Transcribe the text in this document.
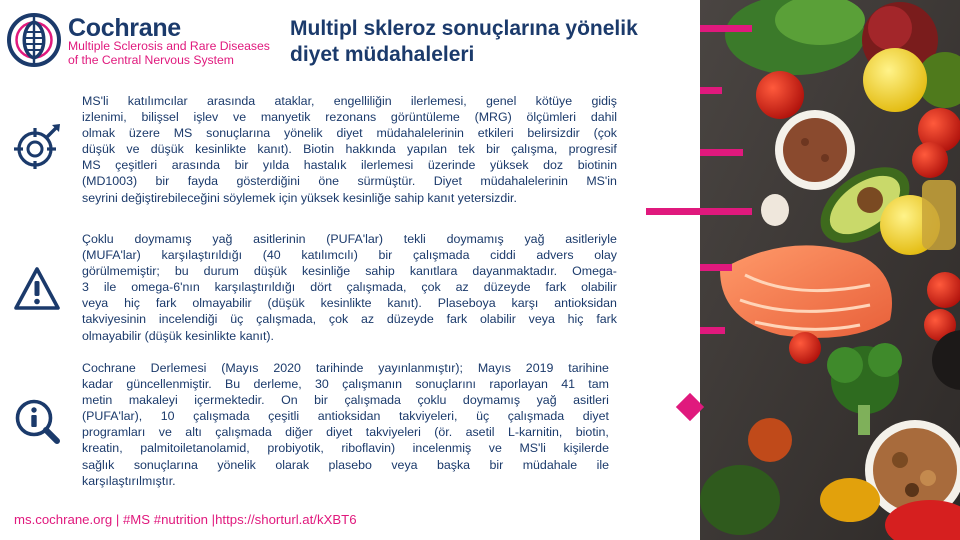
Cochrane
Multiple Sclerosis and Rare Diseases
of the Central Nervous System
Multipl skleroz sonuçlarına yönelik
diyet müdahaleleri
MS'li katılımcılar arasında ataklar, engelliliğin ilerlemesi, genel kötüye gidiş
izlenimi, bilişsel işlev ve manyetik rezonans görüntüleme (MRG) ölçümleri dahil
olmak üzere MS sonuçlarına yönelik diyet müdahalelerinin etkileri belirsizdir (çok
düşük ve düşük kesinlikte kanıt). Biotin hakkında yapılan tek bir çalışma, progresif
MS çeşitleri arasında bir yılda hastalık ilerlemesi üzerinde yüksek doz biotinin
(MD1003) bir fayda gösterdiğini öne sürmüştür. Diyet müdahalelerinin MS'in
seyrini değiştirebileceğini söylemek için yüksek kesinliğe sahip kanıt yetersizdir.
Çoklu doymamış yağ asitlerinin (PUFA'lar) tekli doymamış yağ asitleriyle
(MUFA'lar) karşılaştırıldığı (40 katılımcılı) bir çalışmada ciddi advers olay
görülmemiştir; bu durum düşük kesinliğe sahip kanıtlara dayanmaktadır. Omega-
3 ile omega-6'nın karşılaştırıldığı dört çalışmada, çok az düzeyde fark olabilir
veya hiç fark olmayabilir (düşük kesinlikte kanıt). Plaseboya karşı antioksidan
takviyesinin incelendiği üç çalışmada, çok az düzeyde fark olabilir veya hiç fark
olmayabilir (düşük kesinlikte kanıt).
Cochrane Derlemesi (Mayıs 2020 tarihinde yayınlanmıştır); Mayıs 2019 tarihine
kadar güncellenmiştir. Bu derleme, 30 çalışmanın sonuçlarını raporlayan 41 tam
metin makaleyi içermektedir. On bir çalışmada çoklu doymamış yağ asitleri
(PUFA'lar), 10 çalışmada çeşitli antioksidan takviyeleri, üç çalışmada diyet
programları ve altı çalışmada diğer diyet takviyeleri (ör. asetil L-karnitin, biotin,
kreatin, palmitoiletanolamid, probiyotik, riboflavin) incelenmiş ve MS'li kişilerde
sağlık sonuçlarına yönelik olarak plasebo veya başka bir müdahale ile
karşılaştırılmıştır.
ms.cochrane.org | #MS #nutrition |https://shorturl.at/kXBT6
